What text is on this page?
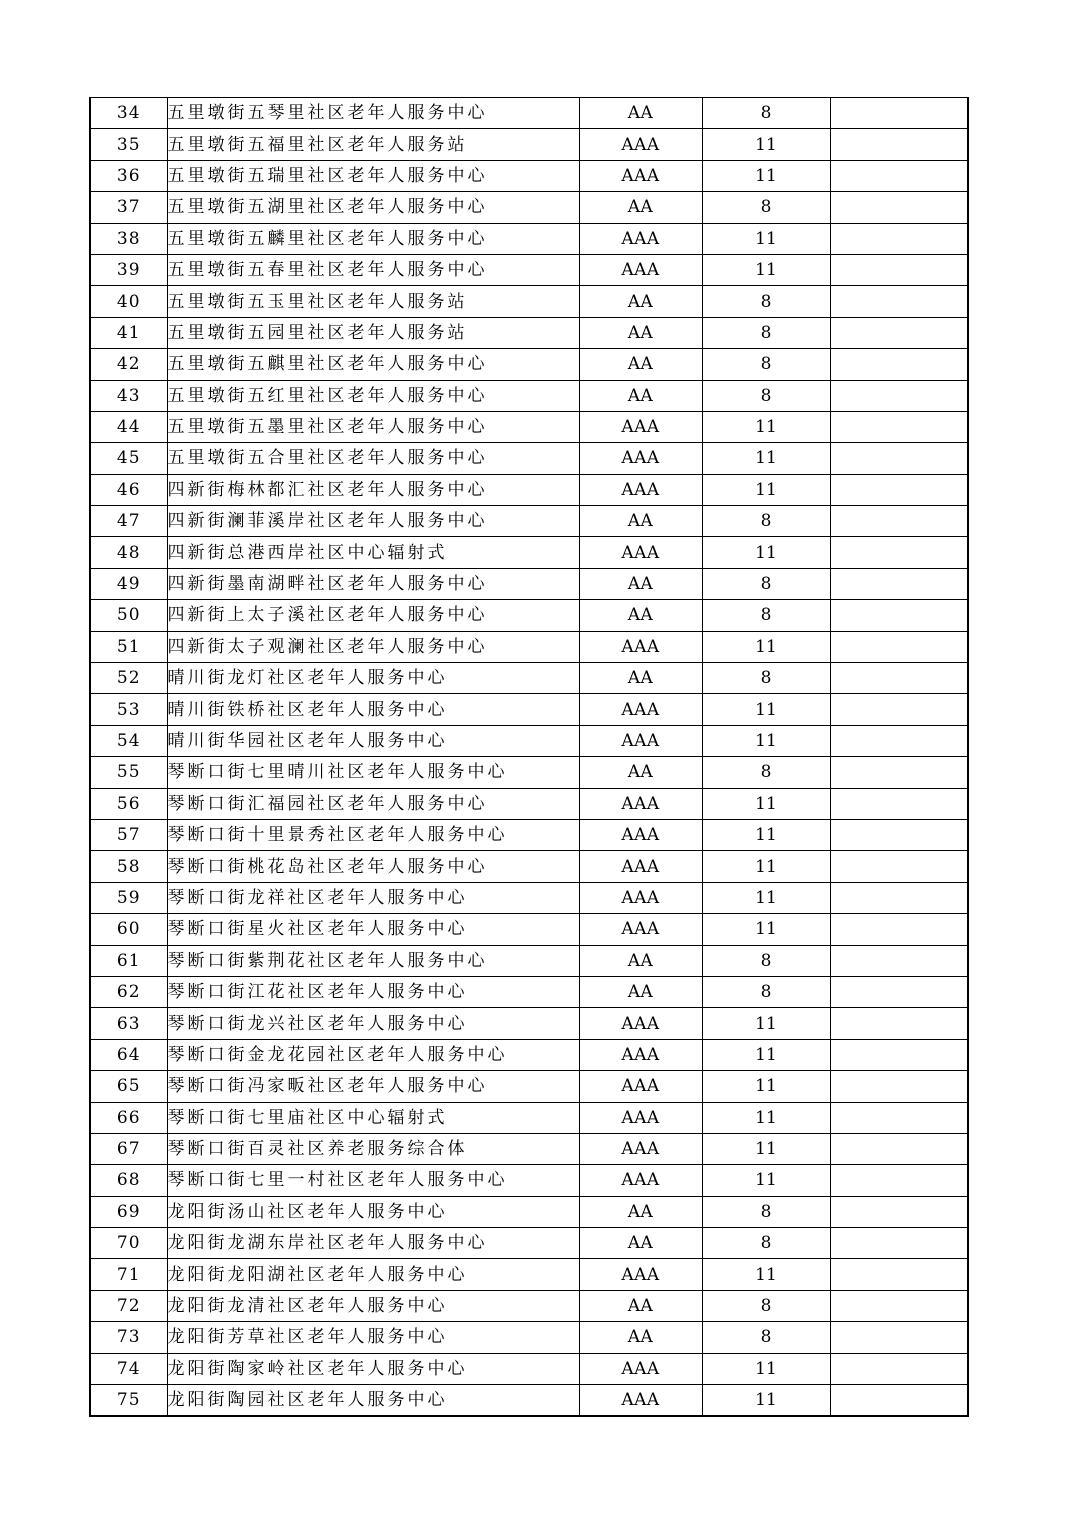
34	五里墩街五琴里社区老年人服务中心	AA	8	
35	五里墩街五福里社区老年人服务站	AAA	11	
36	五里墩街五瑞里社区老年人服务中心	AAA	11	
37	五里墩街五湖里社区老年人服务中心	AA	8	
38	五里墩街五麟里社区老年人服务中心	AAA	11	
39	五里墩街五春里社区老年人服务中心	AAA	11	
40	五里墩街五玉里社区老年人服务站	AA	8	
41	五里墩街五园里社区老年人服务站	AA	8	
42	五里墩街五麒里社区老年人服务中心	AA	8	
43	五里墩街五红里社区老年人服务中心	AA	8	
44	五里墩街五墨里社区老年人服务中心	AAA	11	
45	五里墩街五合里社区老年人服务中心	AAA	11	
46	四新街梅林都汇社区老年人服务中心	AAA	11	
47	四新街澜菲溪岸社区老年人服务中心	AA	8	
48	四新街总港西岸社区中心辐射式	AAA	11	
49	四新街墨南湖畔社区老年人服务中心	AA	8	
50	四新街上太子溪社区老年人服务中心	AA	8	
51	四新街太子观澜社区老年人服务中心	AAA	11	
52	晴川街龙灯社区老年人服务中心	AA	8	
53	晴川街铁桥社区老年人服务中心	AAA	11	
54	晴川街华园社区老年人服务中心	AAA	11	
55	琴断口街七里晴川社区老年人服务中心	AA	8	
56	琴断口街汇福园社区老年人服务中心	AAA	11	
57	琴断口街十里景秀社区老年人服务中心	AAA	11	
58	琴断口街桃花岛社区老年人服务中心	AAA	11	
59	琴断口街龙祥社区老年人服务中心	AAA	11	
60	琴断口街星火社区老年人服务中心	AAA	11	
61	琴断口街紫荆花社区老年人服务中心	AA	8	
62	琴断口街江花社区老年人服务中心	AA	8	
63	琴断口街龙兴社区老年人服务中心	AAA	11	
64	琴断口街金龙花园社区老年人服务中心	AAA	11	
65	琴断口街冯家畈社区老年人服务中心	AAA	11	
66	琴断口街七里庙社区中心辐射式	AAA	11	
67	琴断口街百灵社区养老服务综合体	AAA	11	
68	琴断口街七里一村社区老年人服务中心	AAA	11	
69	龙阳街汤山社区老年人服务中心	AA	8	
70	龙阳街龙湖东岸社区老年人服务中心	AA	8	
71	龙阳街龙阳湖社区老年人服务中心	AAA	11	
72	龙阳街龙清社区老年人服务中心	AA	8	
73	龙阳街芳草社区老年人服务中心	AA	8	
74	龙阳街陶家岭社区老年人服务中心	AAA	11	
75	龙阳街陶园社区老年人服务中心	AAA	11	
